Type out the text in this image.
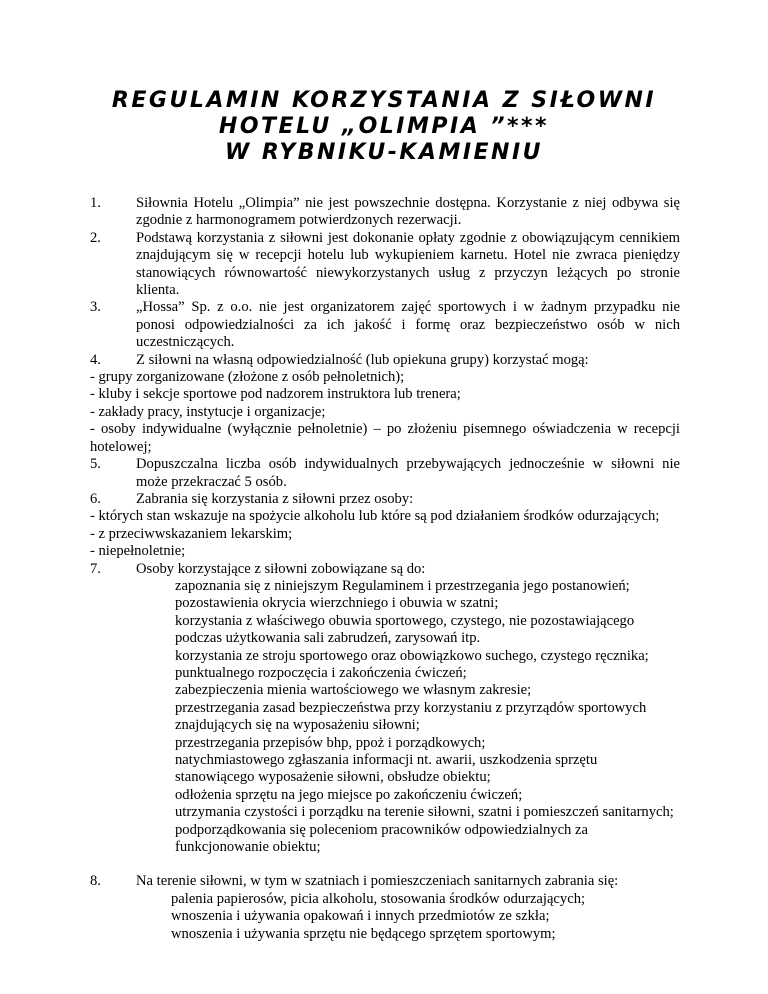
REGULAMIN KORZYSTANIA Z SIŁOWNI
HOTELU „OLIMPIA ”***
W RYBNIKU-KAMIENIU
1. Siłownia Hotelu „Olimpia” nie jest powszechnie dostępna. Korzystanie z niej odbywa się zgodnie z harmonogramem potwierdzonych rezerwacji.
2. Podstawą korzystania z siłowni jest dokonanie opłaty zgodnie z obowiązującym cennikiem znajdującym się w recepcji hotelu lub wykupieniem karnetu. Hotel nie zwraca pieniędzy stanowiących równowartość niewykorzystanych usług z przyczyn leżących po stronie klienta.
3. „Hossa” Sp. z o.o. nie jest organizatorem zajęć sportowych i w żadnym przypadku nie ponosi odpowiedzialności za ich jakość i formę oraz bezpieczeństwo osób w nich uczestniczących.
4. Z siłowni na własną odpowiedzialność (lub opiekuna grupy) korzystać mogą:
- grupy zorganizowane (złożone z osób pełnoletnich);
- kluby i sekcje sportowe pod nadzorem instruktora lub trenera;
- zakłady pracy, instytucje i organizacje;
- osoby indywidualne (wyłącznie pełnoletnie) – po złożeniu pisemnego oświadczenia w recepcji hotelowej;
5. Dopuszczalna liczba osób indywidualnych przebywających jednocześnie w siłowni nie może przekraczać 5 osób.
6. Zabrania się korzystania z siłowni przez osoby:
- których stan wskazuje na spożycie alkoholu lub które są pod działaniem środków odurzających;
- z przeciwwskazaniem lekarskim;
- niepełnoletnie;
7. Osoby korzystające z siłowni zobowiązane są do:
zapoznania się z niniejszym Regulaminem i przestrzegania jego postanowień;
pozostawienia okrycia wierzchniego i obuwia w szatni;
korzystania z właściwego obuwia sportowego, czystego, nie pozostawiającego podczas użytkowania sali zabrudzeń, zarysowań itp.
korzystania ze stroju sportowego oraz obowiązkowo suchego, czystego ręcznika;
punktualnego rozpoczęcia i zakończenia ćwiczeń;
zabezpieczenia mienia wartościowego we własnym zakresie;
przestrzegania zasad bezpieczeństwa przy korzystaniu z przyrządów sportowych znajdujących się na wyposażeniu siłowni;
przestrzegania przepisów bhp, ppoż i porządkowych;
natychmiastowego zgłaszania informacji nt. awarii, uszkodzenia sprzętu stanowiącego wyposażenie siłowni, obsłudze obiektu;
odłożenia sprzętu na jego miejsce po zakończeniu ćwiczeń;
utrzymania czystości i porządku na terenie siłowni, szatni i pomieszczeń sanitarnych;
podporządkowania się poleceniom pracowników odpowiedzialnych za funkcjonowanie obiektu;
8. Na terenie siłowni, w tym w szatniach i pomieszczeniach sanitarnych zabrania się:
palenia papierosów, picia alkoholu, stosowania środków odurzających;
wnoszenia i używania opakowań i innych przedmiotów ze szkła;
wnoszenia i używania sprzętu nie będącego sprzętem sportowym;
